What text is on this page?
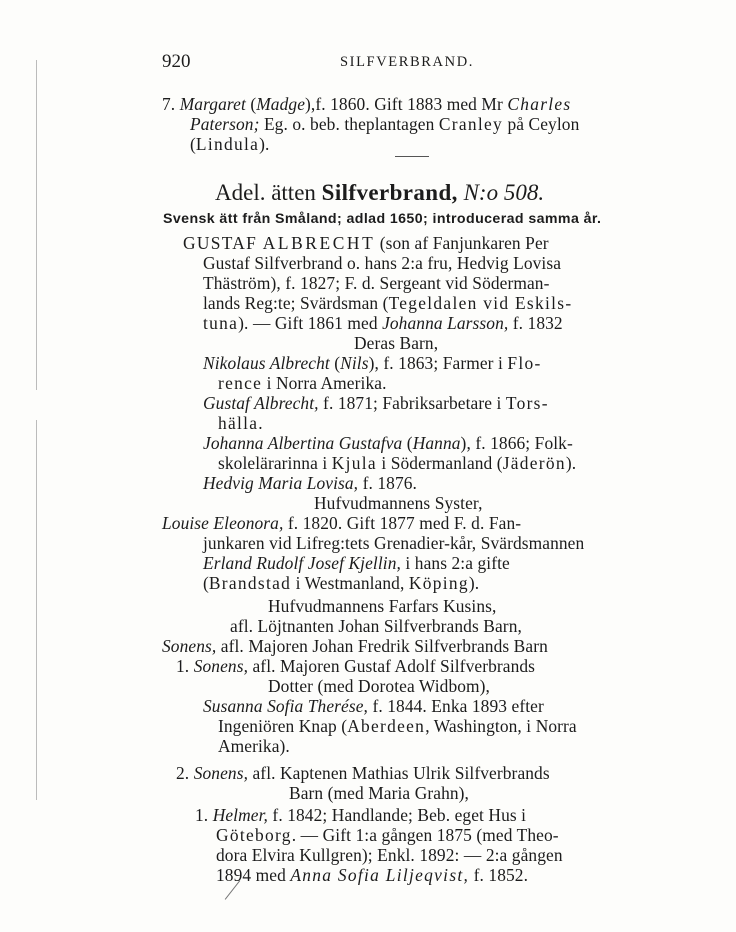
920	SILFVERBRAND.
7. Margaret (Madge),f. 1860. Gift 1883 med Mr Charles
Paterson; Eg. o. beb. theplantagen Cranley på Ceylon
(Lindula).
Adel. ätten Silfverbrand, N:o 508.
Svensk ätt från Småland; adlad 1650; introducerad samma år.
GUSTAF ALBRECHT (son af Fanjunkaren Per
Gustaf Silfverbrand o. hans 2:a fru, Hedvig Lovisa
Thäström), f. 1827; F. d. Sergeant vid Söderman-
lands Reg:te; Svärdsman (Tegeldalen vid Eskils-
tuna). — Gift 1861 med Johanna Larsson, f. 1832
Deras Barn,
Nikolaus Albrecht (Nils), f. 1863; Farmer i Flo-
rence i Norra Amerika.
Gustaf Albrecht, f. 1871; Fabriksarbetare i Tors-
hälla.
Johanna Albertina Gustafva (Hanna), f. 1866; Folk-
skolelärarinna i Kjula i Södermanland (Jäderön).
Hedvig Maria Lovisa, f. 1876.
Hufvudmannens Syster,
Louise Eleonora, f. 1820. Gift 1877 med F. d. Fan-
junkaren vid Lifreg:tets Grenadier-kår, Svärdsmannen
Erland Rudolf Josef Kjellin, i hans 2:a gifte
(Brandstad i Westmanland, Köping).
Hufvudmannens Farfars Kusins,
afl. Löjtnanten Johan Silfverbrands Barn,
Sonens, afl. Majoren Johan Fredrik Silfverbrands Barn
1. Sonens, afl. Majoren Gustaf Adolf Silfverbrands
Dotter (med Dorotea Widbom),
Susanna Sofia Therése, f. 1844. Enka 1893 efter
Ingeniören Knap (Aberdeen, Washington, i Norra
Amerika).
2. Sonens, afl. Kaptenen Mathias Ulrik Silfverbrands
Barn (med Maria Grahn),
1. Helmer, f. 1842; Handlande; Beb. eget Hus i
Göteborg. — Gift 1:a gången 1875 (med Theo-
dora Elvira Kullgren); Enkl. 1892: — 2:a gången
1894 med Anna Sofia Liljeqvist, f. 1852.
